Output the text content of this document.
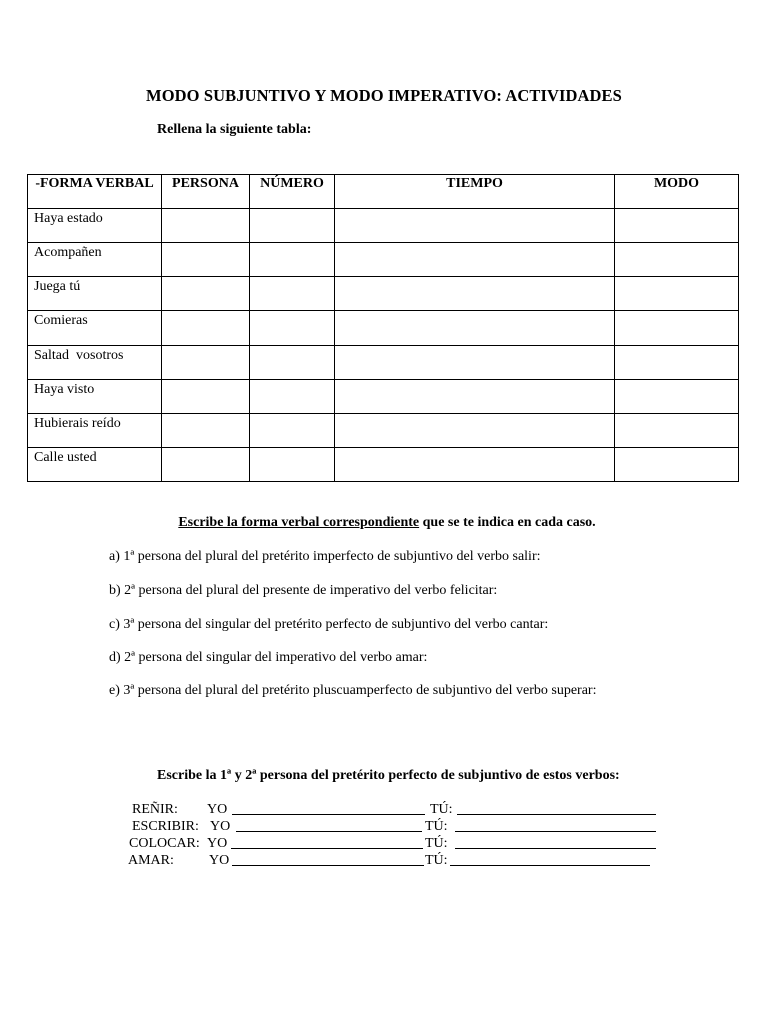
MODO SUBJUNTIVO Y MODO IMPERATIVO: ACTIVIDADES
Rellena la siguiente tabla:
-FORMA VERBAL	PERSONA	NÚMERO	TIEMPO	MODO
Haya estado				
Acompañen				
Juega tú				
Comieras				
Saltad  vosotros				
Haya visto				
Hubierais reído				
Calle usted				
Escribe la forma verbal correspondiente que se te indica en cada caso.
a) 1ª persona del plural del pretérito imperfecto de subjuntivo del verbo salir:
b) 2ª persona del plural del presente de imperativo del verbo felicitar:
c) 3ª persona del singular del pretérito perfecto de subjuntivo del verbo cantar:
d) 2ª persona del singular del imperativo del verbo amar:
e) 3ª persona del plural del pretérito pluscuamperfecto de subjuntivo del verbo superar:
Escribe la 1ª y 2ª persona del pretérito perfecto de subjuntivo de estos verbos:
REÑIR: YO	TÚ:
ESCRIBIR: YO	TÚ:
COLOCAR: YO	TÚ:
AMAR:	YO	TÚ:
